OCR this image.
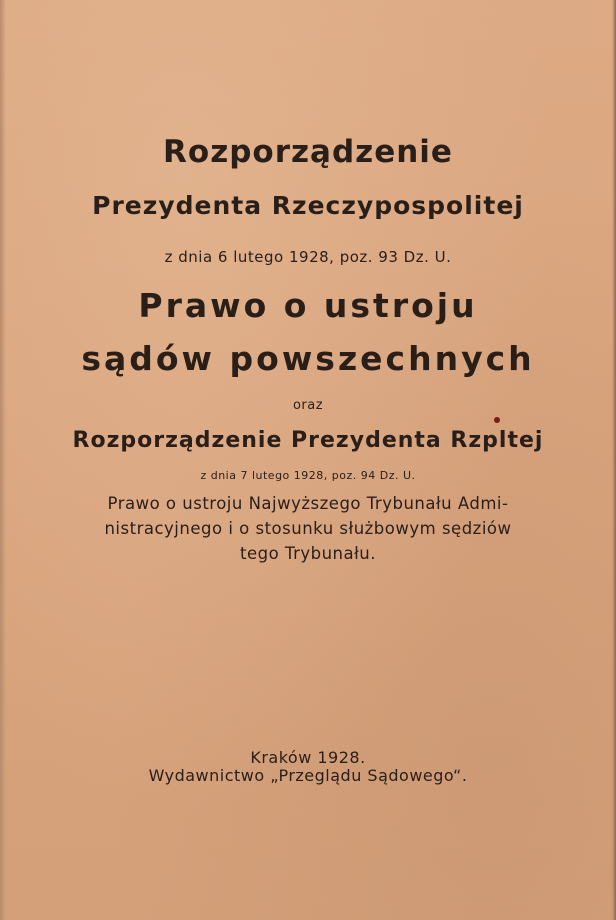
Rozporządzenie
Prezydenta Rzeczypospolitej
z dnia 6 lutego 1928, poz. 93 Dz. U.
Prawo o ustroju
sądów powszechnych
oraz
Rozporządzenie Prezydenta Rzpltej
z dnia 7 lutego 1928, poz. 94 Dz. U.
Prawo o ustroju Najwyższego Trybunału Admi-
nistracyjnego i o stosunku służbowym sędziów
tego Trybunału.
Kraków 1928.
Wydawnictwo „Przeglądu Sądowego“.
